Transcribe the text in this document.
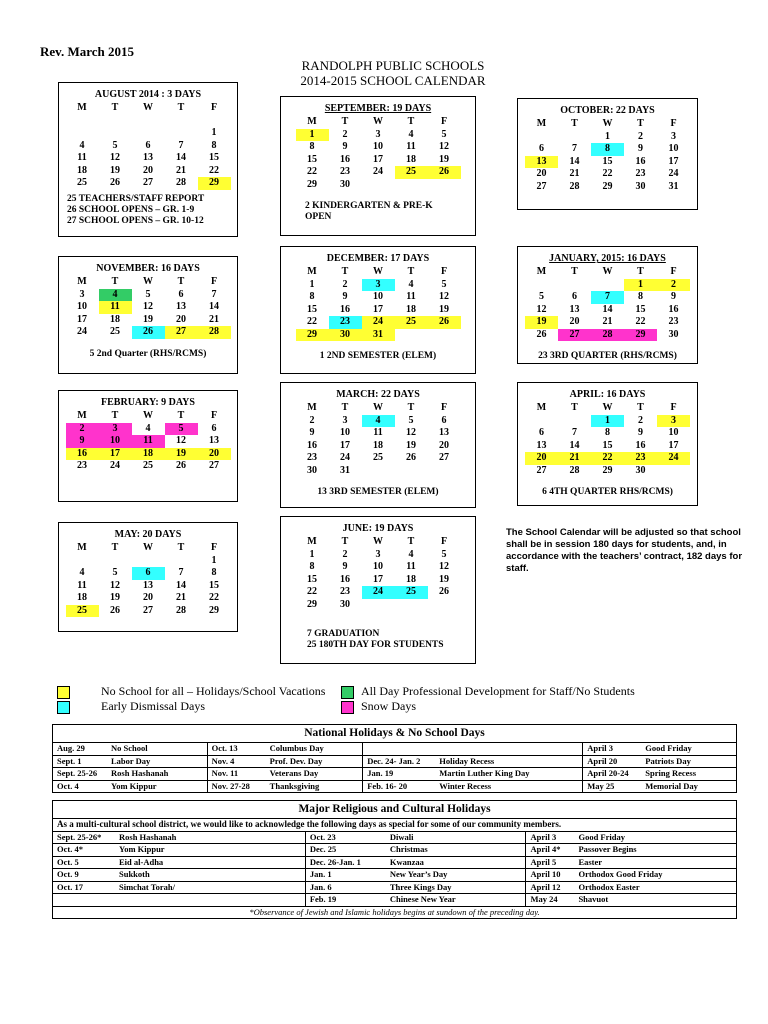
Rev. March 2015
RANDOLPH PUBLIC SCHOOLS
2014-2015 SCHOOL CALENDAR
AUGUST 2014 : 3 DAYS
M	T	W	T	F

				1
4	5	6	7	8
11	12	13	14	15
18	19	20	21	22
25	26	27	28	29
25 TEACHERS/STAFF REPORT
26 SCHOOL OPENS – GR. 1-9
27 SCHOOL OPENS – GR. 10-12
SEPTEMBER: 19 DAYS
M	T	W	T	F
1	2	3	4	5
8	9	10	11	12
15	16	17	18	19
22	23	24	25	26
29	30			
2 KINDERGARTEN & PRE-K
OPEN
OCTOBER: 22 DAYS
M	T	W	T	F
		1	2	3
6	7	8	9	10
13	14	15	16	17
20	21	22	23	24
27	28	29	30	31
NOVEMBER: 16 DAYS
M	T	W	T	F
3	4	5	6	7
10	11	12	13	14
17	18	19	20	21
24	25	26	27	28
5 2nd Quarter (RHS/RCMS)
DECEMBER: 17 DAYS
M	T	W	T	F
1	2	3	4	5
8	9	10	11	12
15	16	17	18	19
22	23	24	25	26
29	30	31		
1 2ND SEMESTER (ELEM)
JANUARY, 2015: 16 DAYS
M	T	W	T	F
			1	2
5	6	7	8	9
12	13	14	15	16
19	20	21	22	23
26	27	28	29	30
23 3RD QUARTER (RHS/RCMS)
FEBRUARY: 9 DAYS
M	T	W	T	F
2	3	4	5	6
9	10	11	12	13
16	17	18	19	20
23	24	25	26	27
MARCH: 22 DAYS
M	T	W	T	F
2	3	4	5	6
9	10	11	12	13
16	17	18	19	20
23	24	25	26	27
30	31			
13 3RD SEMESTER (ELEM)
APRIL: 16 DAYS
M	T	W	T	F
		1	2	3
6	7	8	9	10
13	14	15	16	17
20	21	22	23	24
27	28	29	30	
6 4TH QUARTER RHS/RCMS)
MAY: 20 DAYS
M	T	W	T	F
				1
4	5	6	7	8
11	12	13	14	15
18	19	20	21	22
25	26	27	28	29
JUNE: 19 DAYS
M	T	W	T	F
1	2	3	4	5
8	9	10	11	12
15	16	17	18	19
22	23	24	25	26
29	30			
7 GRADUATION
25 180TH DAY FOR STUDENTS
The School Calendar will be adjusted so that school shall be in session 180 days for students, and, in accordance with the teachers’ contract, 182 days for staff.
No School for all – Holidays/School Vacations
Early Dismissal Days
All Day Professional Development for Staff/No Students
Snow Days
National Holidays & No School Days			
Aug. 29 No School	Oct. 13 Columbus Day		April 3 Good Friday
Sept. 1 Labor Day	Nov. 4 Prof. Dev. Day	Dec. 24- Jan. 2 Holiday Recess	April 20 Patriots Day
Sept. 25-26 Rosh Hashanah	Nov. 11 Veterans Day	Jan. 19 Martin Luther King Day	April 20-24 Spring Recess
Oct. 4 Yom Kippur	Nov. 27-28 Thanksgiving	Feb. 16- 20 Winter Recess	May 25 Memorial Day
Major Religious and Cultural Holidays		
As a multi-cultural school district, we would like to acknowledge the following days as special for some of our community members.		
Sept. 25-26* Rosh Hashanah	Oct. 23 Diwali	April 3 Good Friday
Oct. 4* Yom Kippur	Dec. 25 Christmas	April 4* Passover Begins
Oct. 5 Eid al-Adha	Dec. 26-Jan. 1 Kwanzaa	April 5 Easter
Oct. 9 Sukkoth	Jan. 1 New Year’s Day	April 10 Orthodox Good Friday
Oct. 17 Simchat Torah/	Jan. 6 Three Kings Day	April 12 Orthodox Easter
	Feb. 19 Chinese New Year	May 24 Shavuot
*Observance of Jewish and Islamic holidays begins at sundown of the preceding day.		
